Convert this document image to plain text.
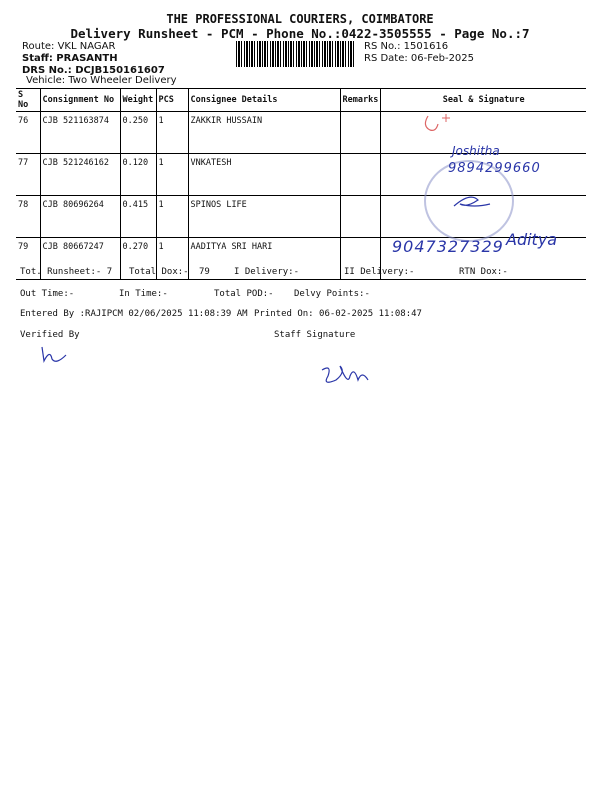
THE PROFESSIONAL COURIERS, COIMBATORE
Delivery Runsheet - PCM - Phone No.:0422-3505555 - Page No.:7
Route: VKL NAGAR
Staff: PRASANTH
DRS No.: DCJB150161607
Vehicle: Two Wheeler Delivery
RS No.: 1501616
RS Date: 06-Feb-2025
S No	Consignment No	Weight	PCS	Consignee Details	Remarks	Seal & Signature
76	CJB 521163874	0.250	1	ZAKKIR HUSSAIN		
77	CJB 521246162	0.120	1	VNKATESH		
78	CJB 80696264	0.415	1	SPINOS LIFE		
79	CJB 80667247	0.270	1	AADITYA SRI HARI		
Joshitha
9894299660
9047327329 Aditya
Tot. Runsheet:- 7 Total Dox:- 79	I Delivery:-	II Delivery:-	RTN Dox:-
Out Time:-	In Time:-	Total POD:- Delvy Points:-
Entered By :RAJIPCM 02/06/2025 11:08:39 AM Printed On: 06-02-2025 11:08:47
Verified By	Staff Signature
